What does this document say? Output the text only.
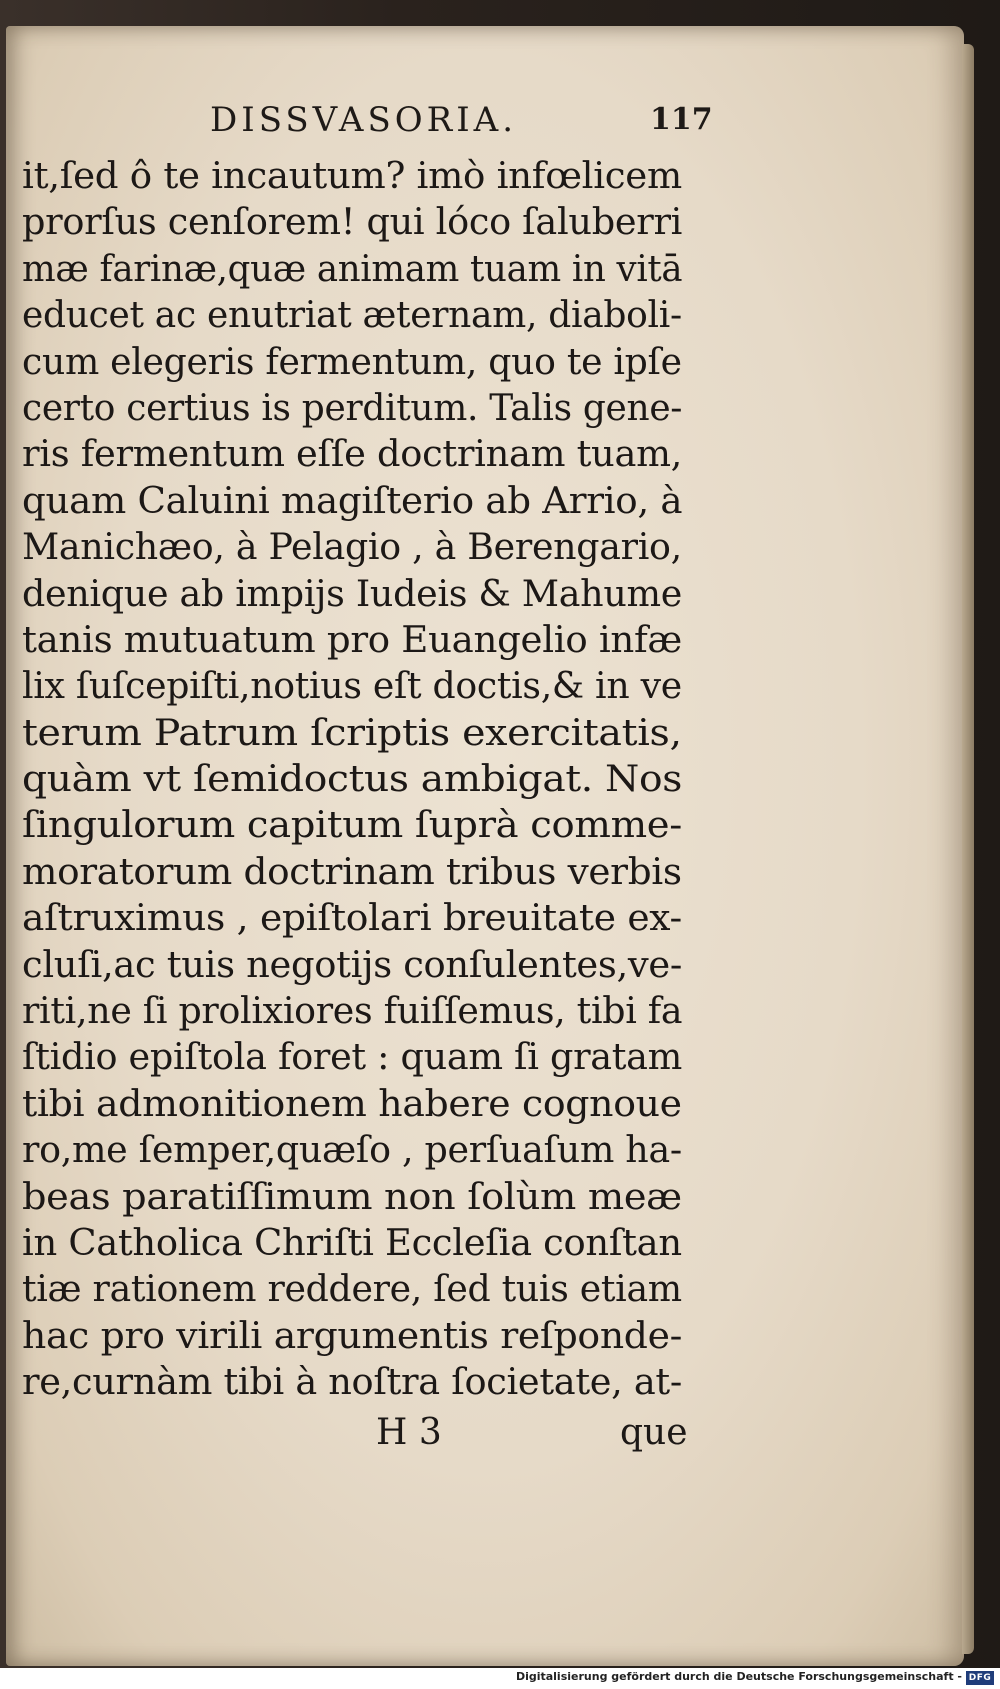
DISSVASORIA.	117
it,ſed ô te incautum? imò infœlicem
prorſus cenſorem! qui lóco ſaluberri
mæ farinæ,quæ animam tuam in vitā
educet ac enutriat æternam, diaboli-
cum elegeris fermentum, quo te ipſe
certo certius is perditum. Talis gene-
ris fermentum eſſe doctrinam tuam,
quam Caluini magiſterio ab Arrio, à
Manichæo, à Pelagio , à Berengario,
denique ab impijs Iudeis & Mahume
tanis mutuatum pro Euangelio infæ
lix ſuſcepiſti,notius eſt doctis,& in ve
terum Patrum ſcriptis exercitatis,
quàm vt ſemidoctus ambigat. Nos
ſingulorum capitum ſuprà comme-
moratorum doctrinam tribus verbis
aſtruximus , epiſtolari breuitate ex-
cluſi,ac tuis negotijs conſulentes,ve-
riti,ne ſi prolixiores fuiſſemus, tibi fa
ſtidio epiſtola foret : quam ſi gratam
tibi admonitionem habere cognoue
ro,me ſemper,quæſo , perſuaſum ha-
beas paratiſſimum non ſolùm meæ
in Catholica Chriſti Eccleſia conſtan
tiæ rationem reddere, ſed tuis etiam
hac pro virili argumentis reſponde-
re,curnàm tibi à noſtra ſocietate, at-
H 3	que
Digitalisierung gefördert durch die Deutsche Forschungsgemeinschaft - DFG
